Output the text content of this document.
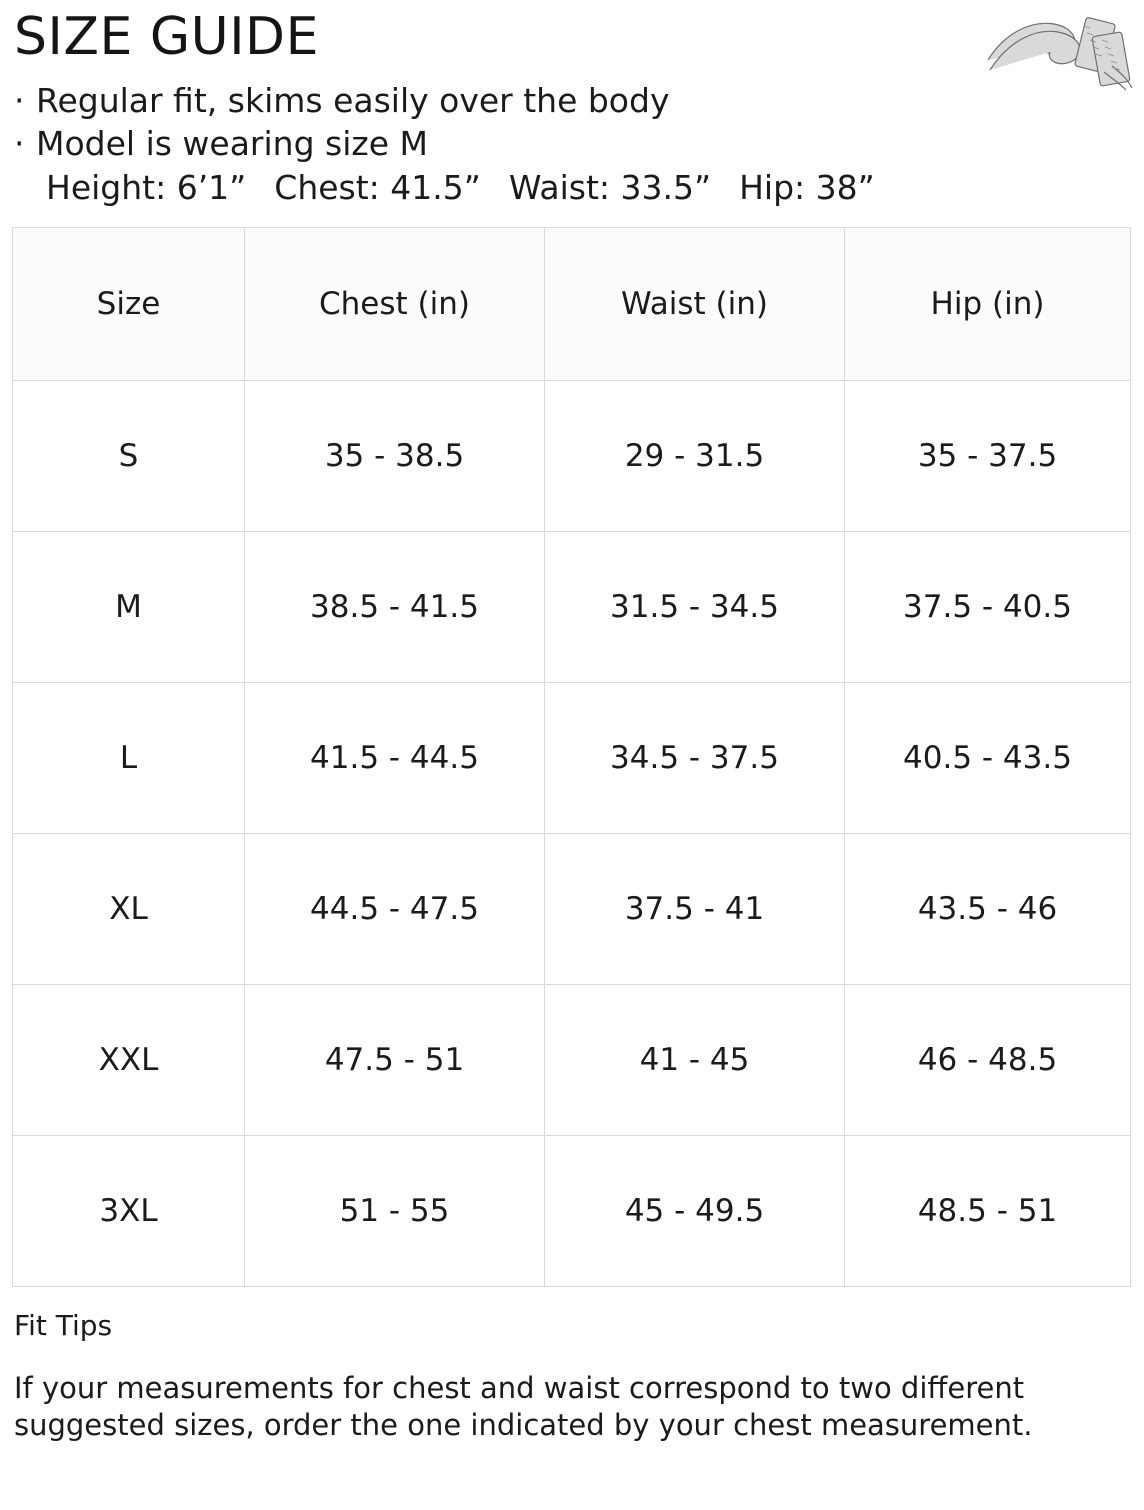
SIZE GUIDE
· Regular fit, skims easily over the body
· Model is wearing size M
Height: 6’1” Chest: 41.5” Waist: 33.5” Hip: 38”
Size	Chest (in)	Waist (in)	Hip (in)
S	35 - 38.5	29 - 31.5	35 - 37.5
M	38.5 - 41.5	31.5 - 34.5	37.5 - 40.5
L	41.5 - 44.5	34.5 - 37.5	40.5 - 43.5
XL	44.5 - 47.5	37.5 - 41	43.5 - 46
XXL	47.5 - 51	41 - 45	46 - 48.5
3XL	51 - 55	45 - 49.5	48.5 - 51
Fit Tips
If your measurements for chest and waist correspond to two different suggested sizes, order the one indicated by your chest measurement.
